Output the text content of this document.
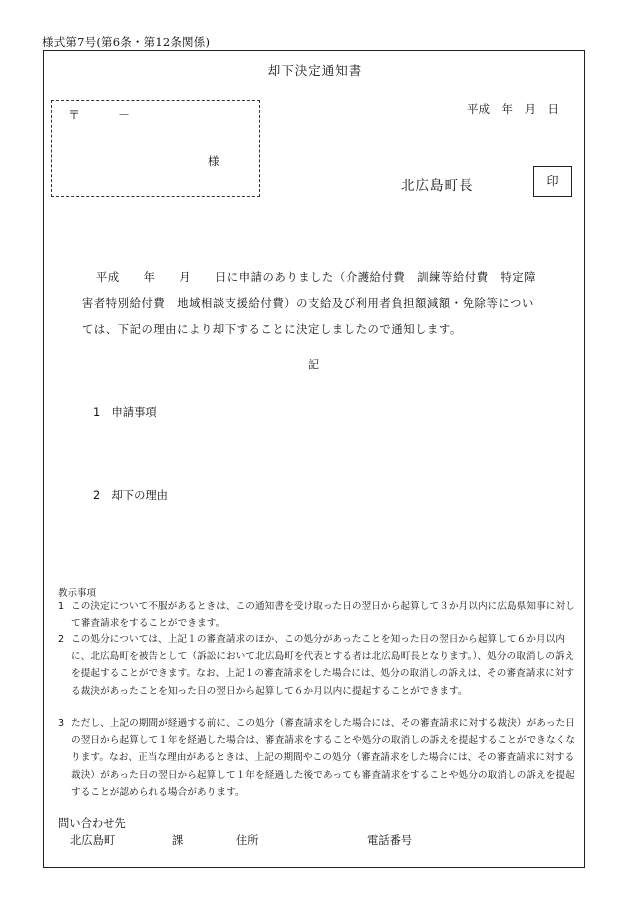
様式第7号(第6条・第12条関係)
却下決定通知書
〒	－
様
平成　年　月　日
北広島町長	印
平成　　年　　月　　日に申請のありました（介護給付費　訓練等給付費　特定障
害者特別給付費　地域相談支援給付費）の支給及び利用者負担額減額・免除等につい
ては、下記の理由により却下することに決定しましたので通知します。
記
1　申請事項
2　却下の理由
教示事項
1 この決定について不服があるときは、この通知書を受け取った日の翌日から起算して３か月以内に広島県知事に対して審査請求をすることができます。
2 この処分については、上記１の審査請求のほか、この処分があったことを知った日の翌日から起算して６か月以内に、北広島町を被告として（訴訟において北広島町を代表とする者は北広島町長となります。）、処分の取消しの訴えを提起することができます。なお、上記１の審査請求をした場合には、処分の取消しの訴えは、その審査請求に対する裁決があったことを知った日の翌日から起算して６か月以内に提起することができます。
3 ただし、上記の期間が経過する前に、この処分（審査請求をした場合には、その審査請求に対する裁決）があった日の翌日から起算して１年を経過した場合は、審査請求をすることや処分の取消しの訴えを提起することができなくなります。なお、正当な理由があるときは、上記の期間やこの処分（審査請求をした場合には、その審査請求に対する裁決）があった日の翌日から起算して１年を経過した後であっても審査請求をすることや処分の取消しの訴えを提起することが認められる場合があります。
問い合わせ先
北広島町	課	住所	電話番号
